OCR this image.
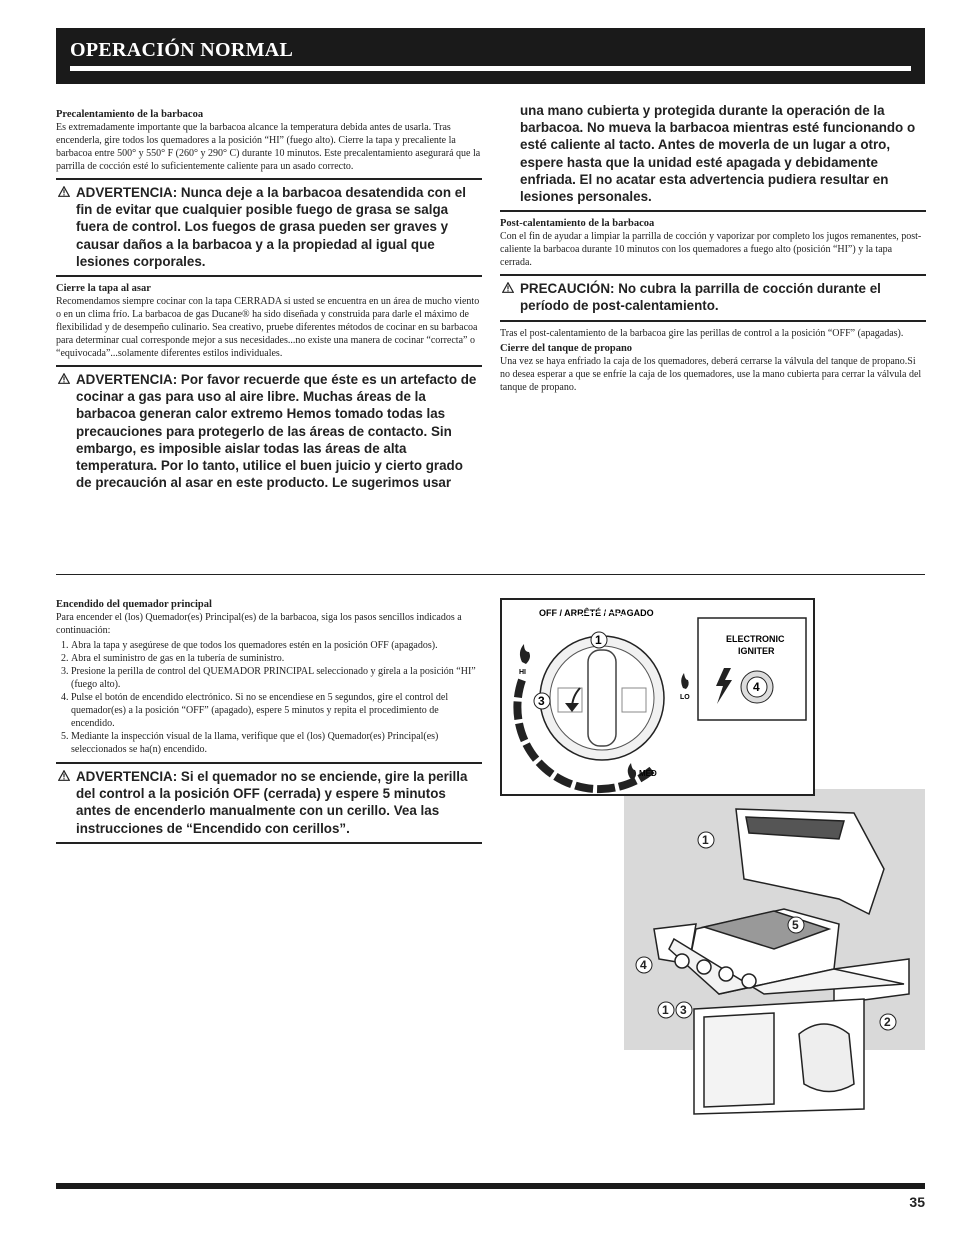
OPERACIÓN NORMAL
Precalentamiento de la barbacoa

Es extremadamente importante que la barbacoa alcance la temperatura debida antes de usarla. Tras encenderla, gire todos los quemadores a la posición “HI” (fuego alto). Cierre la tapa y precaliente la barbacoa entre 500° y 550° F (260° y 290° C) durante 10 minutos. Este precalentamiento asegurará que la parrilla de cocción esté lo suficientemente caliente para un asado correcto.

ADVERTENCIA: Nunca deje a la barbacoa desatendida con el fin de evitar que cualquier posible fuego de grasa se salga fuera de control. Los fuegos de grasa pueden ser graves y causar daños a la barbacoa y a la propiedad al igual que lesiones corporales.
Cierre la tapa al asar

Recomendamos siempre cocinar con la tapa CERRADA si usted se encuentra en un área de mucho viento o en un clima frío. La barbacoa de gas Ducane® ha sido diseñada y construida para darle el máximo de flexibilidad y de desempeño culinario. Sea creativo, pruebe diferentes métodos de cocinar en su barbacoa para determinar cual corresponde mejor a sus necesidades...no existe una manera de cocinar “correcta” o “equivocada”...solamente diferentes estilos individuales.

ADVERTENCIA: Por favor recuerde que éste es un artefacto de cocinar a gas para uso al aire libre. Muchas áreas de la barbacoa generan calor extremo Hemos tomado todas las precauciones para protegerlo de las áreas de contacto. Sin embargo, es imposible aislar todas las áreas de alta temperatura. Por lo tanto, utilice el buen juicio y cierto grado de precaución al asar en este producto. Le sugerimos usar
una mano cubierta y protegida durante la operación de la barbacoa. No mueva la barbacoa mientras esté funcionando o esté caliente al tacto. Antes de moverla de un lugar a otro, espere hasta que la unidad esté apagada y debidamente enfriada. El no acatar esta advertencia pudiera resultar en lesiones personales.
Post-calentamiento de la barbacoa

Con el fin de ayudar a limpiar la parrilla de cocción y vaporizar por completo los jugos remanentes, post-caliente la barbacoa durante 10 minutos con los quemadores a fuego alto (posición “HI”) y la tapa cerrada.

PRECAUCIÓN: No cubra la parrilla de cocción durante el período de post-calentamiento.

Tras el post-calentamiento de la barbacoa gire las perillas de control a la posición “OFF” (apagadas).

Cierre del tanque de propano

Una vez se haya enfriado la caja de los quemadores, deberá cerrarse la válvula del tanque de propano.Si no desea esperar a que se enfríe la caja de los quemadores, use la mano cubierta para cerrar la válvula del tanque de propano.

Encendido del quemador principal

Para encender el (los) Quemador(es) Principal(es) de la barbacoa, siga los pasos sencillos indicados a continuación:

1. Abra la tapa y asegúrese de que todos los quemadores estén en la posición OFF (apagados).
2. Abra el suministro de gas en la tubería de suministro.
3. Presione la perilla de control del QUEMADOR PRINCIPAL seleccionado y gírela a la posición “HI” (fuego alto).
4. Pulse el botón de encendido electrónico. Si no se encendiese en 5 segundos, gire el control del quemador(es) a la posición “OFF” (apagado), espere 5 minutos y repita el procedimiento de encendido.
5. Mediante la inspección visual de la llama, verifique que el (los) Quemador(es) Principal(es) seleccionados se ha(n) encendido.
ADVERTENCIA: Si el quemador no se enciende, gire la perilla del control a la posición OFF (cerrada) y espere 5 minutos antes de encenderlo manualmente con un cerillo. Vea las instrucciones de “Encendido con cerillos”.
1
5
4
1 3
2
OFF / ARRÊTÉ / APAGADO
1
3
HI
LO
MED
ELECTRONIC
IGNITER
4
35
